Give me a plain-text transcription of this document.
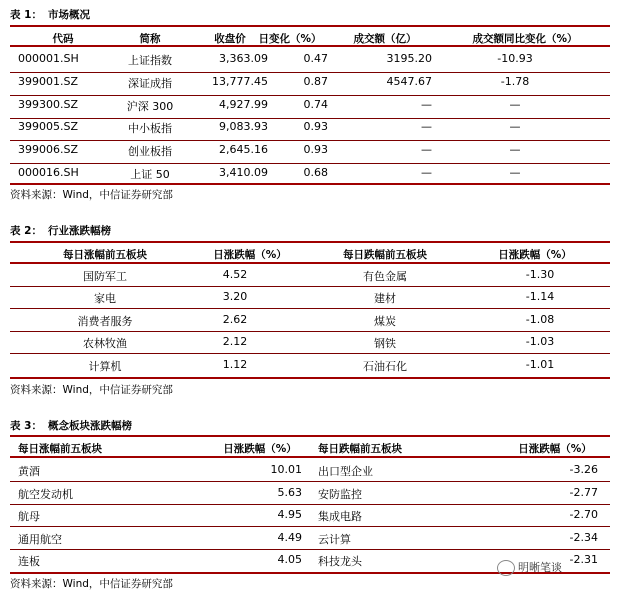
表 1： 市场概况
代码	简称	收盘价	日变化（%）	成交额（亿）	成交额同比变化（%）
000001.SH	上证指数	3,363.09	0.47	3195.20	-10.93
399001.SZ	深证成指	13,777.45	0.87	4547.67	-1.78
399300.SZ	沪深 300	4,927.99	0.74	—	—
399005.SZ	中小板指	9,083.93	0.93	—	—
399006.SZ	创业板指	2,645.16	0.93	—	—
000016.SH	上证 50	3,410.09	0.68	—	—
资料来源：Wind，中信证券研究部
表 2： 行业涨跌幅榜
每日涨幅前五板块	日涨跌幅（%）	每日跌幅前五板块	日涨跌幅（%）
国防军工	4.52	有色金属	-1.30
家电	3.20	建材	-1.14
消费者服务	2.62	煤炭	-1.08
农林牧渔	2.12	钢铁	-1.03
计算机	1.12	石油石化	-1.01
资料来源：Wind，中信证券研究部
表 3： 概念板块涨跌幅榜
每日涨幅前五板块	日涨跌幅（%）	每日跌幅前五板块	日涨跌幅（%）
黄酒	10.01 出口型企业	-3.26
航空发动机	5.63 安防监控	-2.77
航母	4.95 集成电路	-2.70
通用航空	4.49 云计算	-2.34
连板	4.05 科技龙头	-2.31
资料来源：Wind，中信证券研究部
明晰笔谈
